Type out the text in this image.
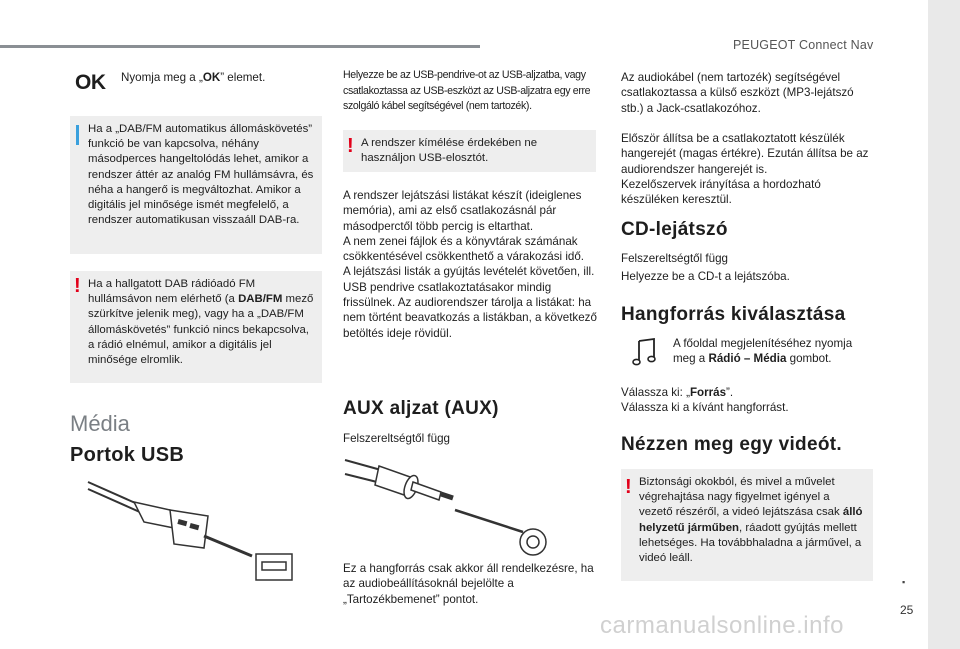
PEUGEOT Connect Nav
▪
25
OK Nyomja meg a „OK” elemet.
Ha a „DAB/FM automatikus állomáskövetés” funkció be van kapcsolva, néhány másodperces hangeltolódás lehet, amikor a rendszer áttér az analóg FM hullámsávra, és néha a hangerő is megváltozhat. Amikor a digitális jel minősége ismét megfelelő, a rendszer automatikusan visszaáll DAB-ra.
! Ha a hallgatott DAB rádióadó FM hullámsávon nem elérhető (a DAB/FM mező szürkítve jelenik meg), vagy ha a „DAB/FM állomáskövetés” funkció nincs bekapcsolva, a rádió elnémul, amikor a digitális jel minősége elromlik.
Média
Portok USB
Helyezze be az USB-pendrive-ot az USB-aljzatba, vagy csatlakoztassa az USB-eszközt az USB-aljzatra egy erre szolgáló kábel segítségével (nem tartozék).
! A rendszer kímélése érdekében ne használjon USB-elosztót.
A rendszer lejátszási listákat készít (ideiglenes memória), ami az első csatlakozásnál pár másodperctől több percig is eltarthat.
A nem zenei fájlok és a könyvtárak számának csökkentésével csökkenthető a várakozási idő.
A lejátszási listák a gyújtás levételét követően, ill. USB pendrive csatlakoztatásakor mindig frissülnek. Az audiorendszer tárolja a listákat: ha nem történt beavatkozás a listákban, a következő betöltés ideje rövidül.
AUX aljzat (AUX)
Felszereltségtől függ
Ez a hangforrás csak akkor áll rendelkezésre, ha az audiobeállításoknál bejelölte a „Tartozékbemenet” pontot.
Az audiokábel (nem tartozék) segítségével csatlakoztassa a külső eszközt (MP3-lejátszó stb.) a Jack-csatlakozóhoz.
Először állítsa be a csatlakoztatott készülék hangerejét (magas értékre). Ezután állítsa be az audiorendszer hangerejét is.
Kezelőszervek irányítása a hordozható készüléken keresztül.
CD-lejátszó
Felszereltségtől függ
Helyezze be a CD-t a lejátszóba.
Hangforrás kiválasztása
A főoldal megjelenítéséhez nyomja meg a Rádió – Média gombot.
Válassza ki: „Forrás”.
Válassza ki a kívánt hangforrást.
Nézzen meg egy videót.
! Biztonsági okokból, és mivel a művelet végrehajtása nagy figyelmet igényel a vezető részéről, a videó lejátszása csak álló helyzetű járműben, ráadott gyújtás mellett lehetséges. Ha továbbhaladna a járművel, a videó leáll.
carmanualsonline.info
